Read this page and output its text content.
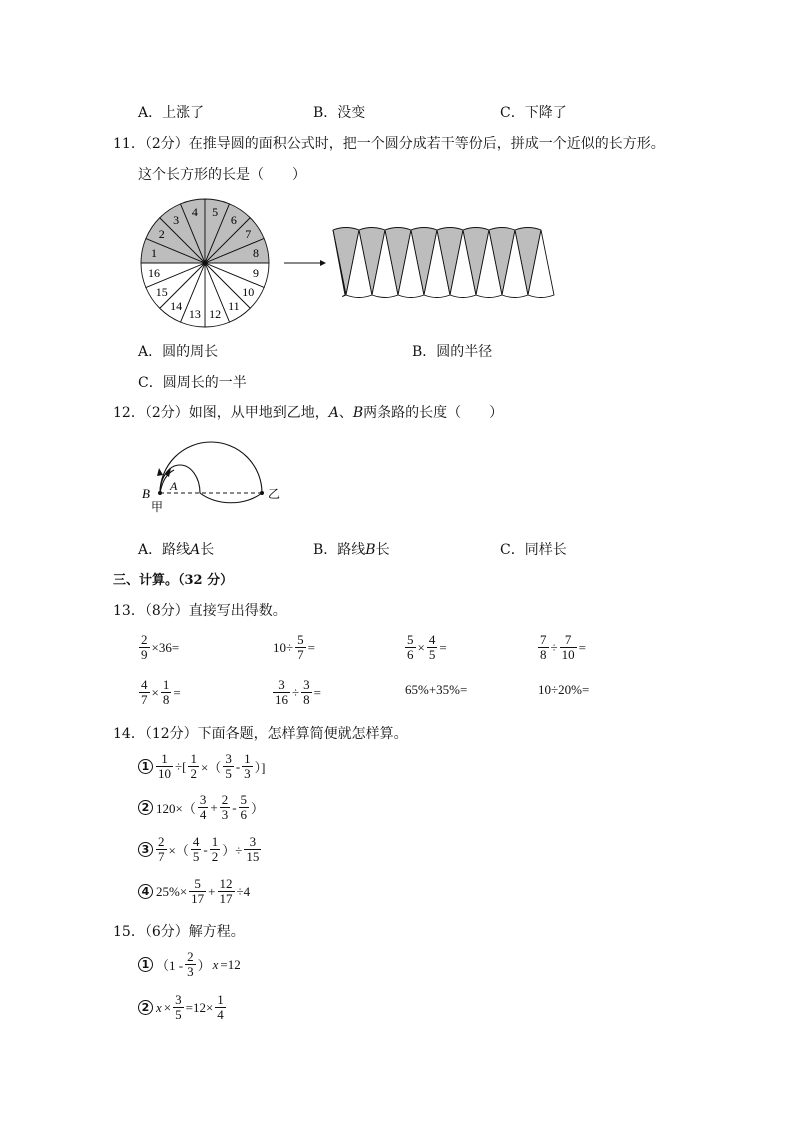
A．上涨了	B．没变	C．下降了
11．（2分）在推导圆的面积公式时，把一个圆分成若干等份后，拼成一个近似的长方形。
这个长方形的长是（　　）
1
2
3
4 5
6
7
8
9
10
11
12
13
14
15
16
A．圆的周长	B．圆的半径
C．圆周长的一半
12．（2分）如图，从甲地到乙地，A、B两条路的长度（　　）
B A
甲
乙
A．路线A长	B．路线B长	C．同样长
三、计算。（32 分）
13．（8分）直接写出得数。
$\frac{2}{9} \times 36=$	$10\div \frac{5}{7}$ =	$\frac{5}{6} \times \frac{4}{5}$ =	$\frac{7}{8} \div \frac{7}{10}$ =
$\frac{4}{7} \times \frac{1}{8}$ =	$\frac{3}{16} \div \frac{3}{8}$ =	65%+35%=	10÷20%=
14．（12分）下面各题，怎样算简便就怎样算。
$1 \frac{1}{10}$ ÷[ $\frac{1}{2}$ ×（ $\frac{3}{5} - \frac{1}{3}$ ）]
2 $120\times( \frac{3}{4} + \frac{2}{3} - \frac{5}{6}$ ）
$3 \frac{2}{7}$ ×（ $\frac{4}{5} - \frac{1}{2}$ ）÷ $\frac{3}{15}$
4 $25\%\times \frac{5}{17} + \frac{12}{17} \div 4$
15．（6分）解方程。
1 （$1 - \frac{2}{3}$ ） x =12
2 $x \times \frac{3}{5} =12\times \frac{1}{4}$
